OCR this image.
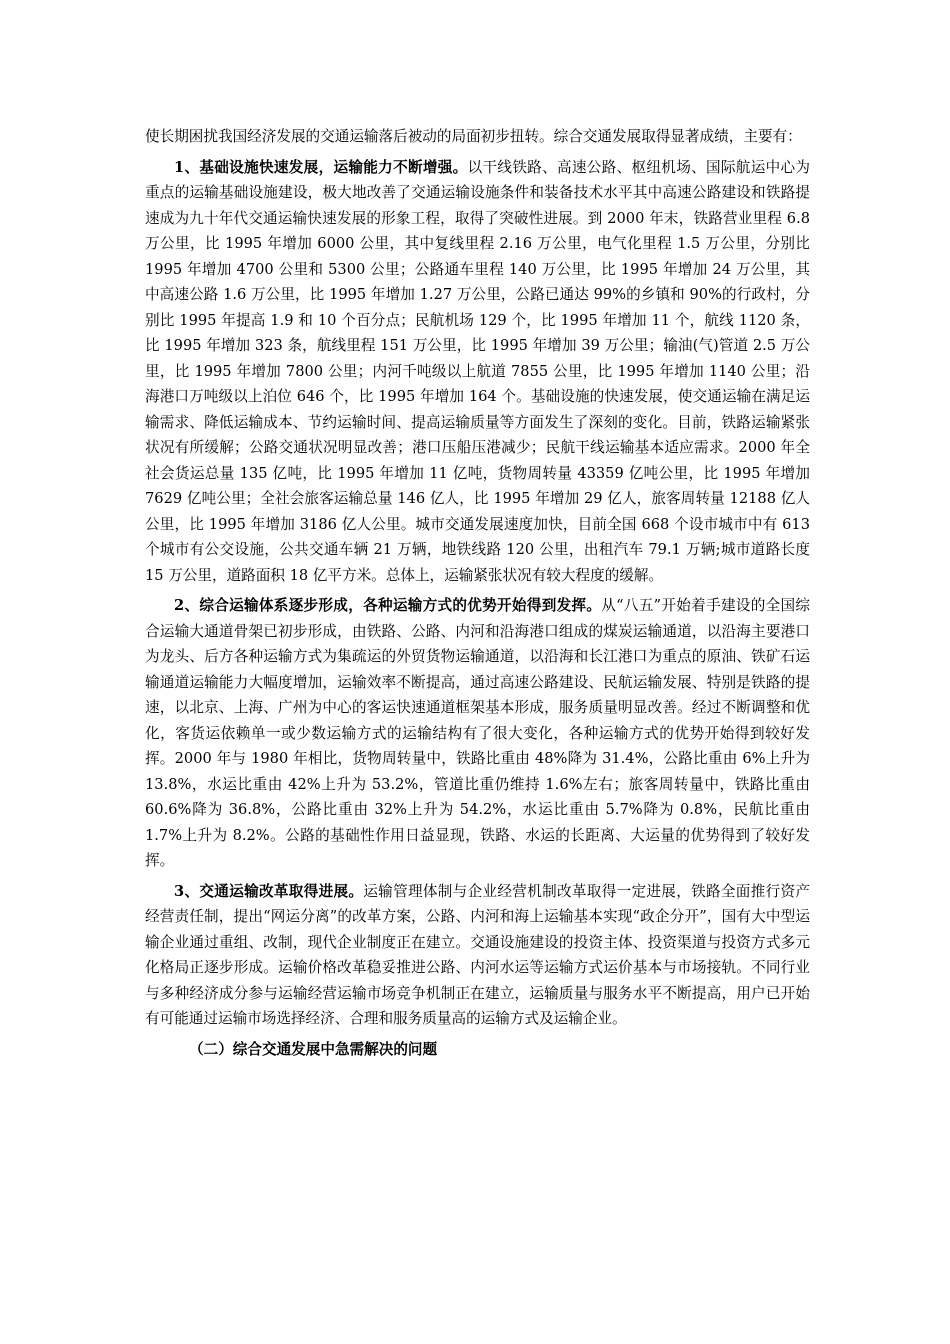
使长期困扰我国经济发展的交通运输落后被动的局面初步扭转。综合交通发展取得显著成绩，主要有：

1、基础设施快速发展，运输能力不断增强。以干线铁路、高速公路、枢纽机场、国际航运中心为重点的运输基础设施建设，极大地改善了交通运输设施条件和装备技术水平其中高速公路建设和铁路提速成为九十年代交通运输快速发展的形象工程，取得了突破性进展。到 2000 年末，铁路营业里程 6.8 万公里，比 1995 年增加 6000 公里，其中复线里程 2.16 万公里，电气化里程 1.5 万公里，分别比 1995 年增加 4700 公里和 5300 公里；公路通车里程 140 万公里，比 1995 年增加 24 万公里，其中高速公路 1.6 万公里，比 1995 年增加 1.27 万公里，公路已通达 99%的乡镇和 90%的行政村，分别比 1995 年提高 1.9 和 10 个百分点；民航机场 129 个，比 1995 年增加 11 个，航线 1120 条，比 1995 年增加 323 条，航线里程 151 万公里，比 1995 年增加 39 万公里；输油(气)管道 2.5 万公里，比 1995 年增加 7800 公里；内河千吨级以上航道 7855 公里，比 1995 年增加 1140 公里；沿海港口万吨级以上泊位 646 个，比 1995 年增加 164 个。基础设施的快速发展，使交通运输在满足运输需求、降低运输成本、节约运输时间、提高运输质量等方面发生了深刻的变化。目前，铁路运输紧张状况有所缓解；公路交通状况明显改善；港口压船压港减少；民航干线运输基本适应需求。2000 年全社会货运总量 135 亿吨，比 1995 年增加 11 亿吨，货物周转量 43359 亿吨公里，比 1995 年增加 7629 亿吨公里；全社会旅客运输总量 146 亿人，比 1995 年增加 29 亿人，旅客周转量 12188 亿人公里，比 1995 年增加 3186 亿人公里。城市交通发展速度加快，目前全国 668 个设市城市中有 613 个城市有公交设施，公共交通车辆 21 万辆，地铁线路 120 公里，出租汽车 79.1 万辆;城市道路长度 15 万公里，道路面积 18 亿平方米。总体上，运输紧张状况有较大程度的缓解。

2、综合运输体系逐步形成，各种运输方式的优势开始得到发挥。从“八五”开始着手建设的全国综合运输大通道骨架已初步形成，由铁路、公路、内河和沿海港口组成的煤炭运输通道，以沿海主要港口为龙头、后方各种运输方式为集疏运的外贸货物运输通道，以沿海和长江港口为重点的原油、铁矿石运输通道运输能力大幅度增加，运输效率不断提高，通过高速公路建设、民航运输发展、特别是铁路的提速，以北京、上海、广州为中心的客运快速通道框架基本形成，服务质量明显改善。经过不断调整和优化，客货运依赖单一或少数运输方式的运输结构有了很大变化，各种运输方式的优势开始得到较好发挥。2000 年与 1980 年相比，货物周转量中，铁路比重由 48%降为 31.4%，公路比重由 6%上升为 13.8%，水运比重由 42%上升为 53.2%，管道比重仍维持 1.6%左右；旅客周转量中，铁路比重由 60.6%降为 36.8%，公路比重由 32%上升为 54.2%，水运比重由 5.7%降为 0.8%，民航比重由 1.7%上升为 8.2%。公路的基础性作用日益显现，铁路、水运的长距离、大运量的优势得到了较好发挥。

3、交通运输改革取得进展。运输管理体制与企业经营机制改革取得一定进展，铁路全面推行资产经营责任制，提出“网运分离”的改革方案，公路、内河和海上运输基本实现“政企分开”，国有大中型运输企业通过重组、改制，现代企业制度正在建立。交通设施建设的投资主体、投资渠道与投资方式多元化格局正逐步形成。运输价格改革稳妥推进公路、内河水运等运输方式运价基本与市场接轨。不同行业与多种经济成分参与运输经营运输市场竞争机制正在建立，运输质量与服务水平不断提高，用户已开始有可能通过运输市场选择经济、合理和服务质量高的运输方式及运输企业。

（二）综合交通发展中急需解决的问题
